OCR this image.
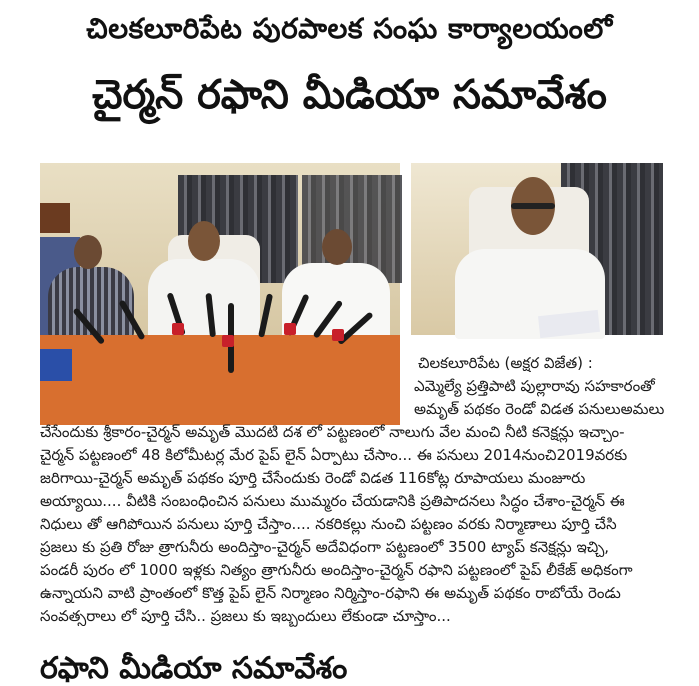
చిలకలూరిపేట పురపాలక సంఘ కార్యాలయంలో
చైర్మన్ రఫాని మీడియా సమావేశం
చిలకలూరిపేట (అక్షర విజేత) :
ఎమ్మెల్యే ప్రత్తిపాటి పుల్లారావు సహకారంతో
అమృత్ పథకం రెండో విడత పనులుఅమలు
చేసేందుకు శ్రీకారం-చైర్మన్ అమృత్ మొదటి దశ లో పట్టణంలో నాలుగు వేల మంచి నీటి కనెక్షన్లు ఇచ్చాం-
చైర్మన్ పట్టణంలో 48 కిలోమీటర్ల మేర పైప్ లైన్ ఏర్పాటు చేసాం... ఈ పనులు 2014నుంచి2019వరకు
జరిగాయి-చైర్మన్ అమృత్ పథకం పూర్తి చేసేందుకు రెండో విడత 116కోట్ల రూపాయలు మంజూరు
అయ్యాయి.... వీటికి సంబంధించిన పనులు ముమ్మరం చేయడానికి ప్రతిపాదనలు సిద్ధం చేశాం-చైర్మన్ ఈ
నిధులు తో ఆగిపోయిన పనులు పూర్తి చేస్తాం.... నకరికల్లు నుంచి పట్టణం వరకు నిర్మాణాలు పూర్తి చేసి
ప్రజలు కు ప్రతి రోజు త్రాగునీరు అందిస్తాం-చైర్మన్ అదేవిధంగా పట్టణంలో 3500 ట్యాప్ కనెక్షన్లు ఇచ్చి,
పండరీ పురం లో 1000 ఇళ్లకు నిత్యం త్రాగునీరు అందిస్తాం-చైర్మన్ రఫాని పట్టణంలో పైప్ లీకేజ్ అధికంగా
ఉన్నాయని వాటి ప్రాంతంలో కొత్త పైప్ లైన్ నిర్మాణం నిర్మిస్తాం-రఫాని ఈ అమృత్ పథకం రాబోయే రెండు
సంవత్సరాలు లో పూర్తి చేసి.. ప్రజలు కు ఇబ్బందులు లేకుండా చూస్తాం...
రఫాని మీడియా సమావేశం
